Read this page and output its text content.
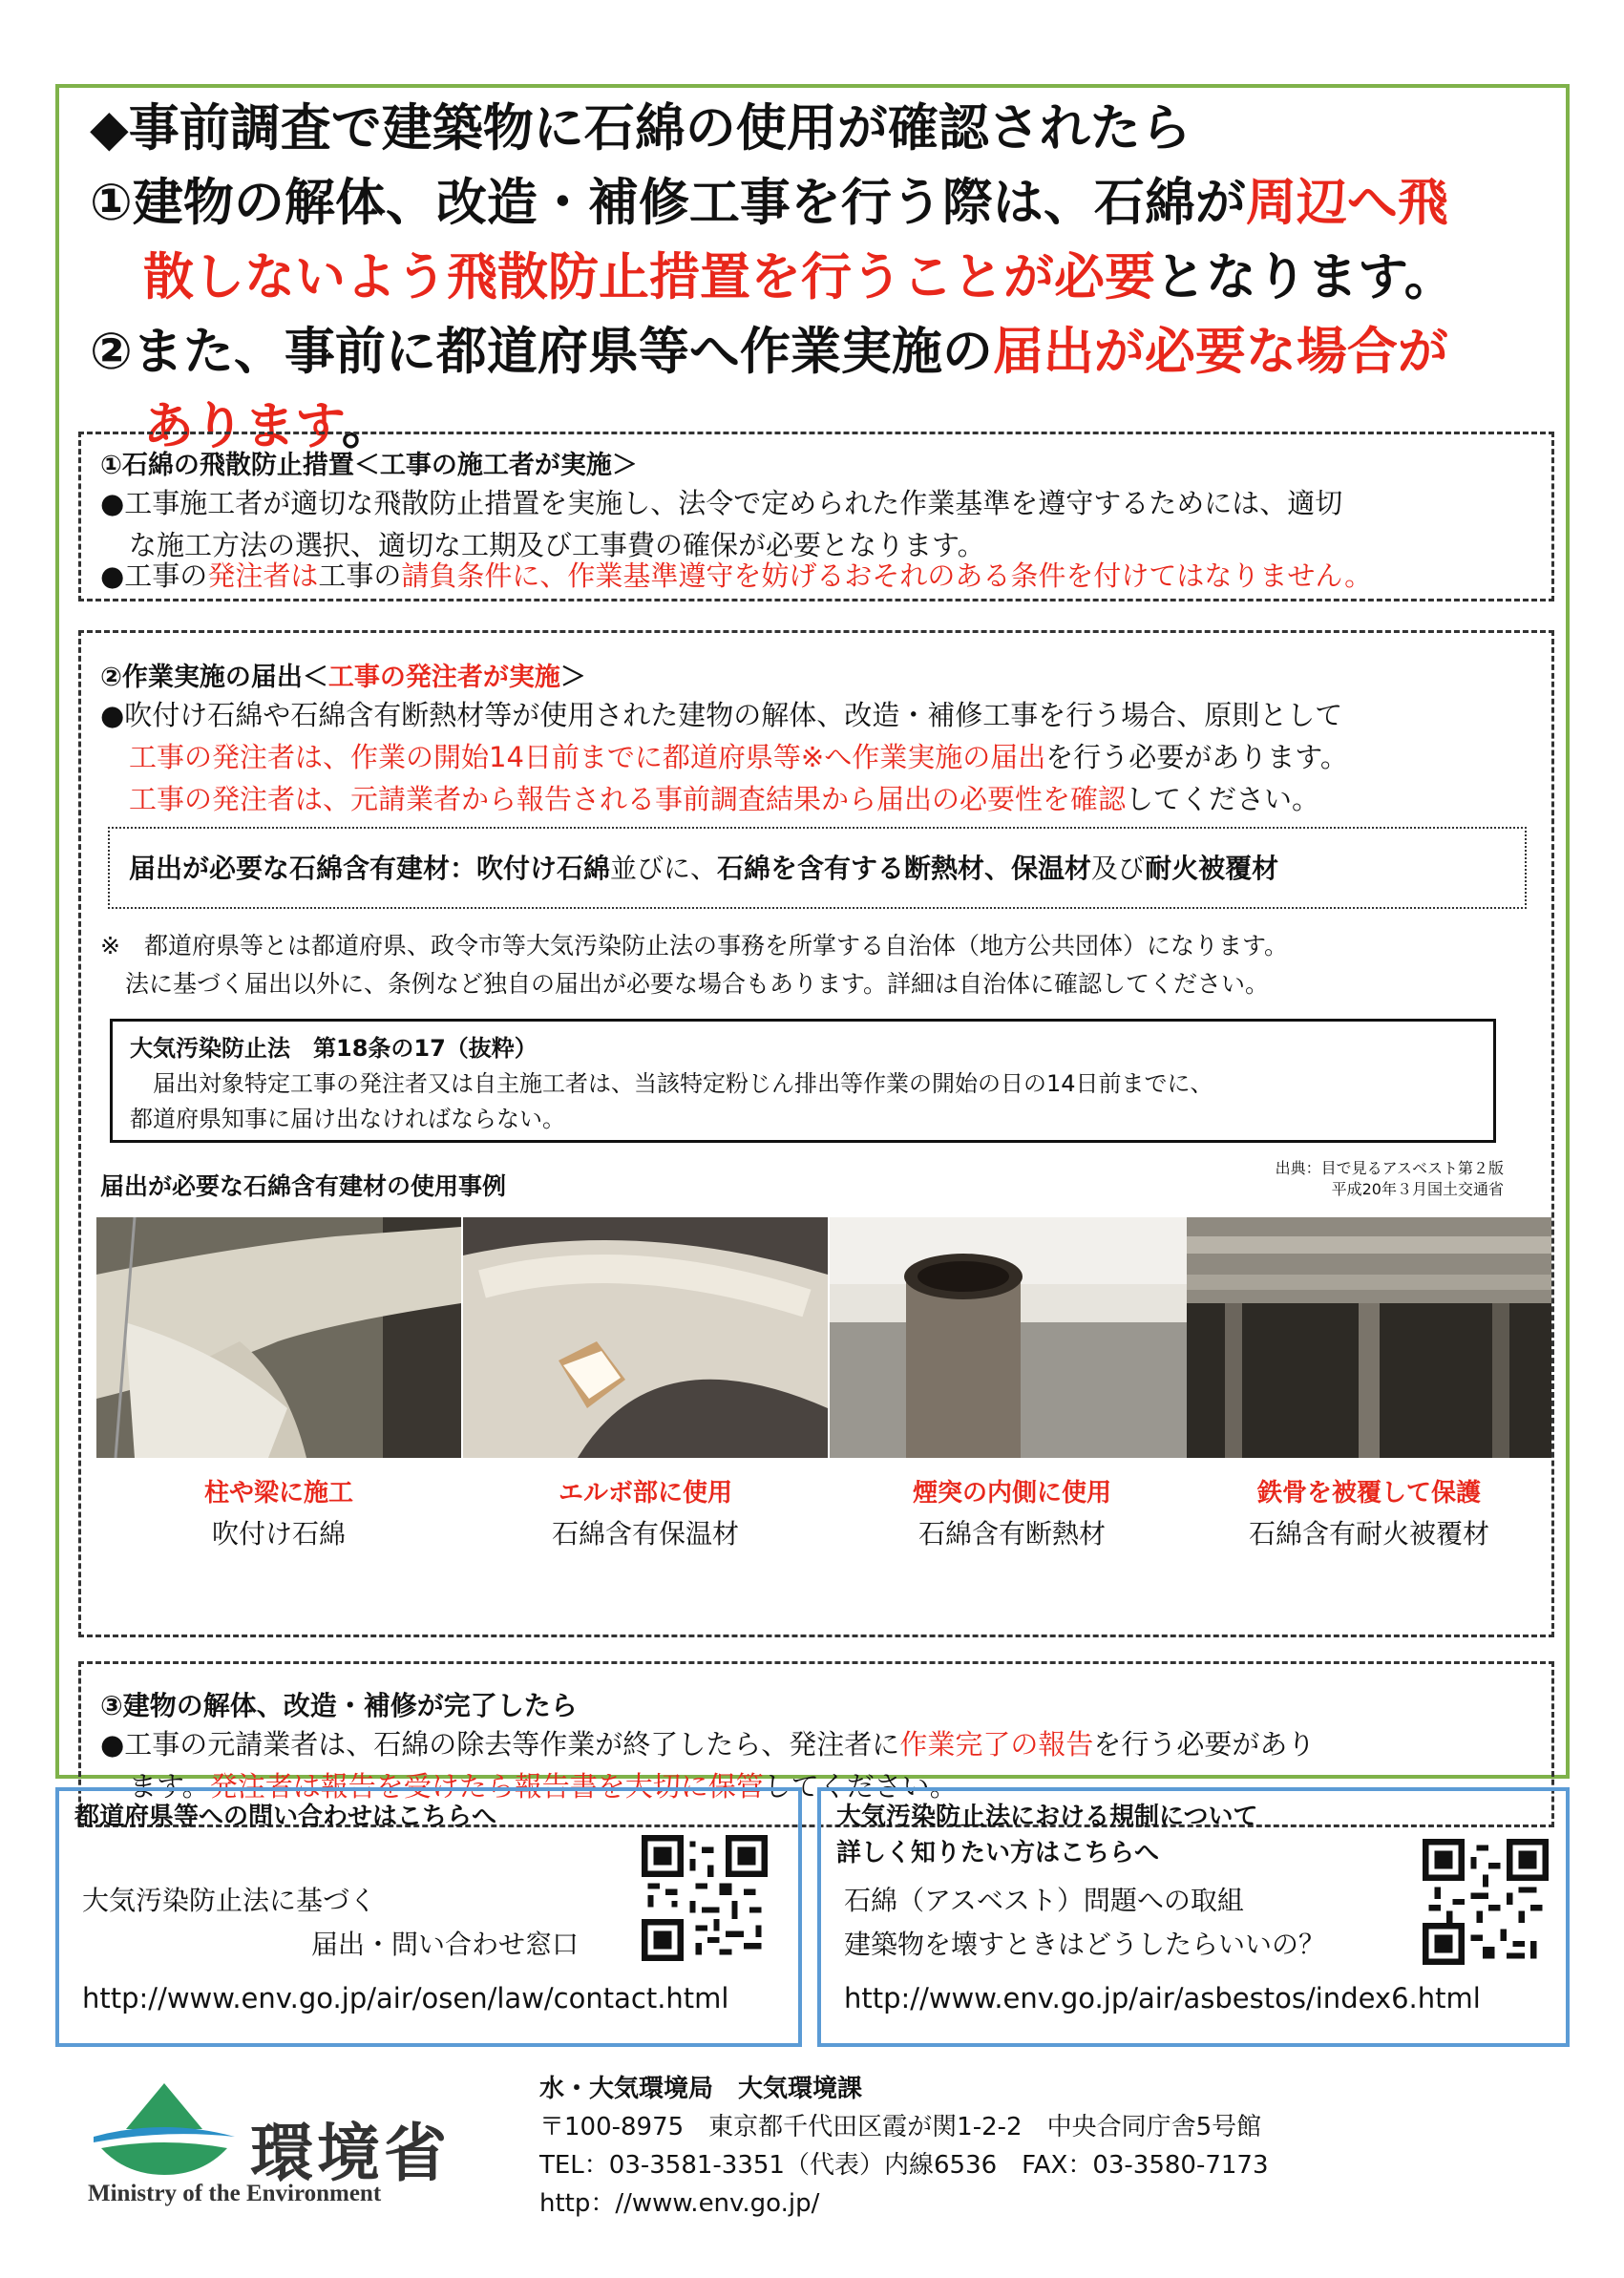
◆事前調査で建築物に石綿の使用が確認されたら
①建物の解体、改造・補修工事を行う際は、石綿が周辺へ飛
散しないよう飛散防止措置を行うことが必要となります。
②また、事前に都道府県等へ作業実施の届出が必要な場合が
あります。
①石綿の飛散防止措置＜工事の施工者が実施＞
●工事施工者が適切な飛散防止措置を実施し、法令で定められた作業基準を遵守するためには、適切
な施工方法の選択、適切な工期及び工事費の確保が必要となります。
●工事の発注者は工事の請負条件に、作業基準遵守を妨げるおそれのある条件を付けてはなりません。
②作業実施の届出＜工事の発注者が実施＞
●吹付け石綿や石綿含有断熱材等が使用された建物の解体、改造・補修工事を行う場合、原則として
工事の発注者は、作業の開始14日前までに都道府県等※へ作業実施の届出を行う必要があります。
工事の発注者は、元請業者から報告される事前調査結果から届出の必要性を確認してください。
届出が必要な石綿含有建材：吹付け石綿並びに、石綿を含有する断熱材、保温材及び耐火被覆材
※　都道府県等とは都道府県、政令市等大気汚染防止法の事務を所掌する自治体（地方公共団体）になります。
法に基づく届出以外に、条例など独自の届出が必要な場合もあります。詳細は自治体に確認してください。
大気汚染防止法　第18条の17（抜粋）
　届出対象特定工事の発注者又は自主施工者は、当該特定粉じん排出等作業の開始の日の14日前までに、
都道府県知事に届け出なければならない。
届出が必要な石綿含有建材の使用事例
出典：目で見るアスベスト第２版
平成20年３月国土交通省
柱や梁に施工
吹付け石綿
エルボ部に使用
石綿含有保温材
煙突の内側に使用
石綿含有断熱材
鉄骨を被覆して保護
石綿含有耐火被覆材
③建物の解体、改造・補修が完了したら
●工事の元請業者は、石綿の除去等作業が終了したら、発注者に作業完了の報告を行う必要があり
ます。発注者は報告を受けたら報告書を大切に保管してください。
都道府県等への問い合わせはこちらへ
大気汚染防止法に基づく
届出・問い合わせ窓口
http://www.env.go.jp/air/osen/law/contact.html
大気汚染防止法における規制について
詳しく知りたい方はこちらへ
石綿（アスベスト）問題への取組
建築物を壊すときはどうしたらいいの？
http://www.env.go.jp/air/asbestos/index6.html
環境省
Ministry of the Environment
水・大気環境局　大気環境課
〒100-8975　東京都千代田区霞が関1-2-2　中央合同庁舎5号館
TEL：03-3581-3351（代表）内線6536　FAX：03-3580-7173
http：//www.env.go.jp/
